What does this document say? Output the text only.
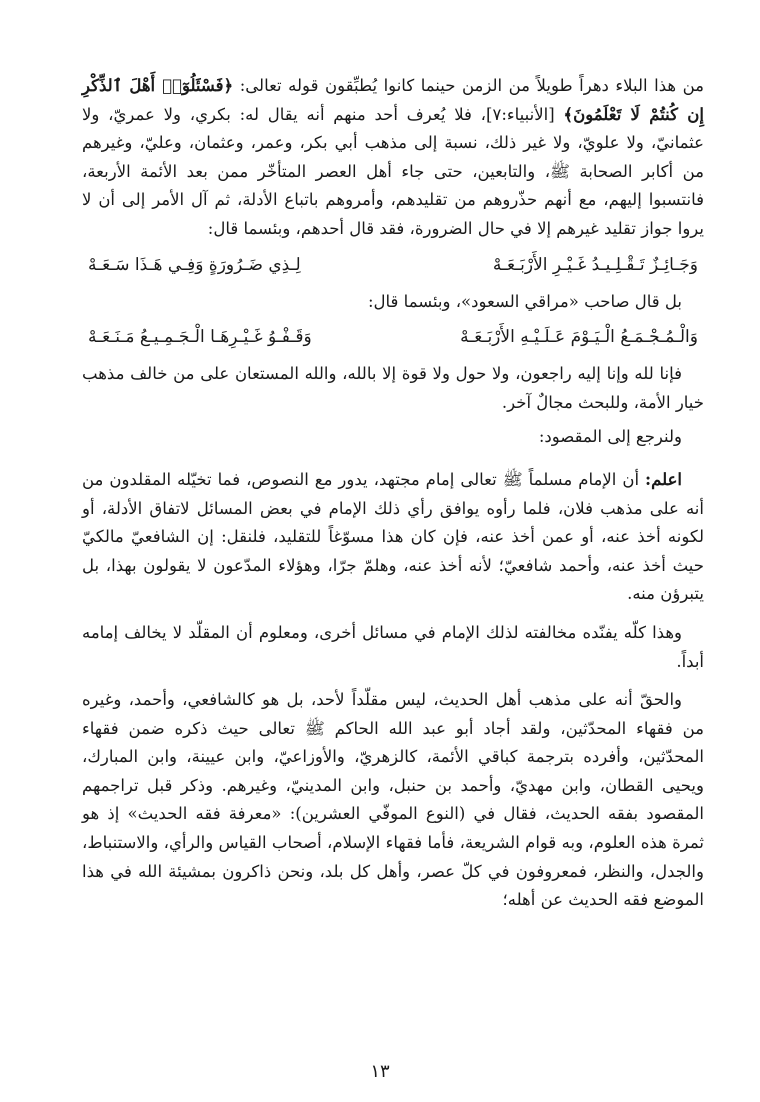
من هذا البلاء دهراً طويلاً من الزمن حينما كانوا يُطبِّقون قوله تعالى: ﴿فَسْئَلُوٓا۟ أَهْلَ ٱلذِّكْرِ إِن كُنتُمْ لَا تَعْلَمُونَ﴾ [الأنبياء:٧]، فلا يُعرف أحد منهم أنه يقال له: بكري، ولا عمريّ، ولا عثمانيّ، ولا علويّ، ولا غير ذلك، نسبة إلى مذهب أبي بكر، وعمر، وعثمان، وعليّ، وغيرهم من أكابر الصحابة ﷺ، والتابعين، حتى جاء أهل العصر المتأخّر ممن بعد الأئمة الأربعة، فانتسبوا إليهم، مع أنهم حذّروهم من تقليدهم، وأمروهم باتباع الأدلة، ثم آل الأمر إلى أن لا يروا جواز تقليد غيرهم إلا في حال الضرورة، فقد قال أحدهم، وبئسما قال:

وَجَـائِـزٌ تَـقْـلِـيـدُ غَـيْـرِ الأَرْبَـعَـهْ
لِـذِي ضَـرُورَةٍ وَفِـي هَـذَا سَـعَـهْ

بل قال صاحب «مراقي السعود»، وبئسما قال:

وَالْـمُـجْـمَـعُ الْـيَـوْمَ عَـلَـيْـهِ الأَرْبَـعَـهْ
وَقَـفْـوُ غَـيْـرِهَـا الْـجَـمِـيـعُ مَـنَـعَـهْ

فإنا لله وإنا إليه راجعون، ولا حول ولا قوة إلا بالله، والله المستعان على من خالف مذهب خيار الأمة، وللبحث مجالٌ آخر.

ولنرجع إلى المقصود:

اعلم: أن الإمام مسلماً ﷺ تعالى إمام مجتهد، يدور مع النصوص، فما تخيّله المقلدون من أنه على مذهب فلان، فلما رأوه يوافق رأي ذلك الإمام في بعض المسائل لاتفاق الأدلة، أو لكونه أخذ عنه، أو عمن أخذ عنه، فإن كان هذا مسوّغاً للتقليد، فلنقل: إن الشافعيّ مالكيّ حيث أخذ عنه، وأحمد شافعيّ؛ لأنه أخذ عنه، وهلمّ جرّا، وهؤلاء المدّعون لا يقولون بهذا، بل يتبرؤن منه.

وهذا كلّه يفنّده مخالفته لذلك الإمام في مسائل أخرى، ومعلوم أن المقلّد لا يخالف إمامه أبداً.

والحقّ أنه على مذهب أهل الحديث، ليس مقلّداً لأحد، بل هو كالشافعي، وأحمد، وغيره من فقهاء المحدّثين، ولقد أجاد أبو عبد الله الحاكم ﷺ تعالى حيث ذكره ضمن فقهاء المحدّثين، وأفرده بترجمة كباقي الأئمة، كالزهريّ، والأوزاعيّ، وابن عيينة، وابن المبارك، ويحيى القطان، وابن مهديّ، وأحمد بن حنبل، وابن المدينيّ، وغيرهم. وذكر قبل تراجمهم المقصود بفقه الحديث، فقال في (النوع الموفّي العشرين): «معرفة فقه الحديث» إذ هو ثمرة هذه العلوم، وبه قوام الشريعة، فأما فقهاء الإسلام، أصحاب القياس والرأي، والاستنباط، والجدل، والنظر، فمعروفون في كلّ عصر، وأهل كل بلد، ونحن ذاكرون بمشيئة الله في هذا الموضع فقه الحديث عن أهله؛

١٣
